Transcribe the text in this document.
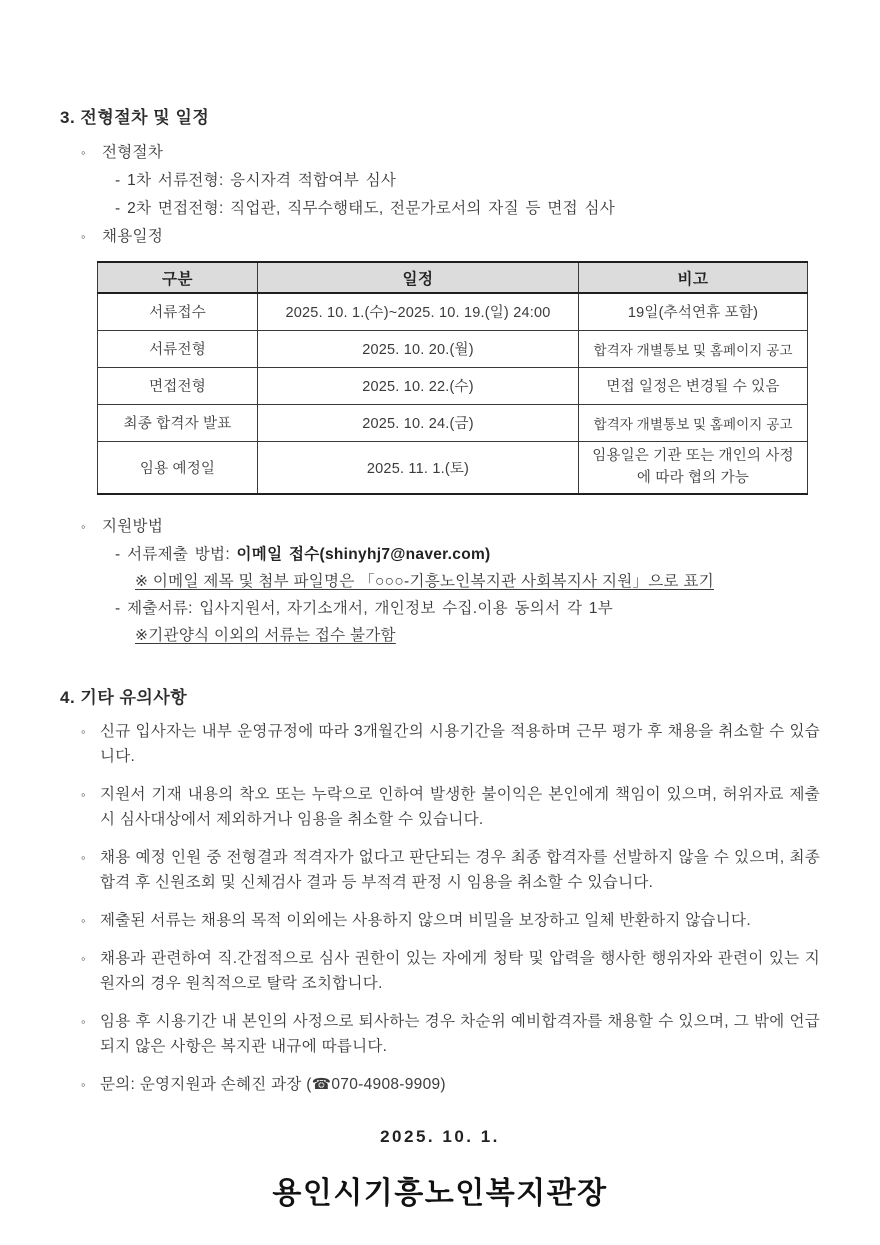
3. 전형절차 및 일정
◦ 전형절차
- 1차 서류전형: 응시자격 적합여부 심사
- 2차 면접전형: 직업관, 직무수행태도, 전문가로서의 자질 등 면접 심사
◦ 채용일정
구분	일정	비고
서류접수	2025. 10. 1.(수)~2025. 10. 19.(일) 24:00	19일(추석연휴 포함)
서류전형	2025. 10. 20.(월)	합격자 개별통보 및 홈페이지 공고
면접전형	2025. 10. 22.(수)	면접 일정은 변경될 수 있음
최종 합격자 발표	2025. 10. 24.(금)	합격자 개별통보 및 홈페이지 공고
임용 예정일	2025. 11. 1.(토)	임용일은 기관 또는 개인의 사정에 따라 협의 가능
◦ 지원방법
- 서류제출 방법: 이메일 접수(shinyhj7@naver.com)
※ 이메일 제목 및 첨부 파일명은 「○○○-기흥노인복지관 사회복지사 지원」으로 표기
- 제출서류: 입사지원서, 자기소개서, 개인정보 수집.이용 동의서 각 1부
※기관양식 이외의 서류는 접수 불가함
4. 기타 유의사항
◦ 신규 입사자는 내부 운영규정에 따라 3개월간의 시용기간을 적용하며 근무 평가 후 채용을 취소할 수 있습니다.
◦ 지원서 기재 내용의 착오 또는 누락으로 인하여 발생한 불이익은 본인에게 책임이 있으며, 허위자료 제출 시 심사대상에서 제외하거나 임용을 취소할 수 있습니다.
◦ 채용 예정 인원 중 전형결과 적격자가 없다고 판단되는 경우 최종 합격자를 선발하지 않을 수 있으며, 최종 합격 후 신원조회 및 신체검사 결과 등 부적격 판정 시 임용을 취소할 수 있습니다.
◦ 제출된 서류는 채용의 목적 이외에는 사용하지 않으며 비밀을 보장하고 일체 반환하지 않습니다.
◦ 채용과 관련하여 직.간접적으로 심사 권한이 있는 자에게 청탁 및 압력을 행사한 행위자와 관련이 있는 지원자의 경우 원칙적으로 탈락 조치합니다.
◦ 임용 후 시용기간 내 본인의 사정으로 퇴사하는 경우 차순위 예비합격자를 채용할 수 있으며, 그 밖에 언급되지 않은 사항은 복지관 내규에 따릅니다.
◦ 문의: 운영지원과 손혜진 과장 (☎070-4908-9909)
2025. 10. 1.
용인시기흥노인복지관장
